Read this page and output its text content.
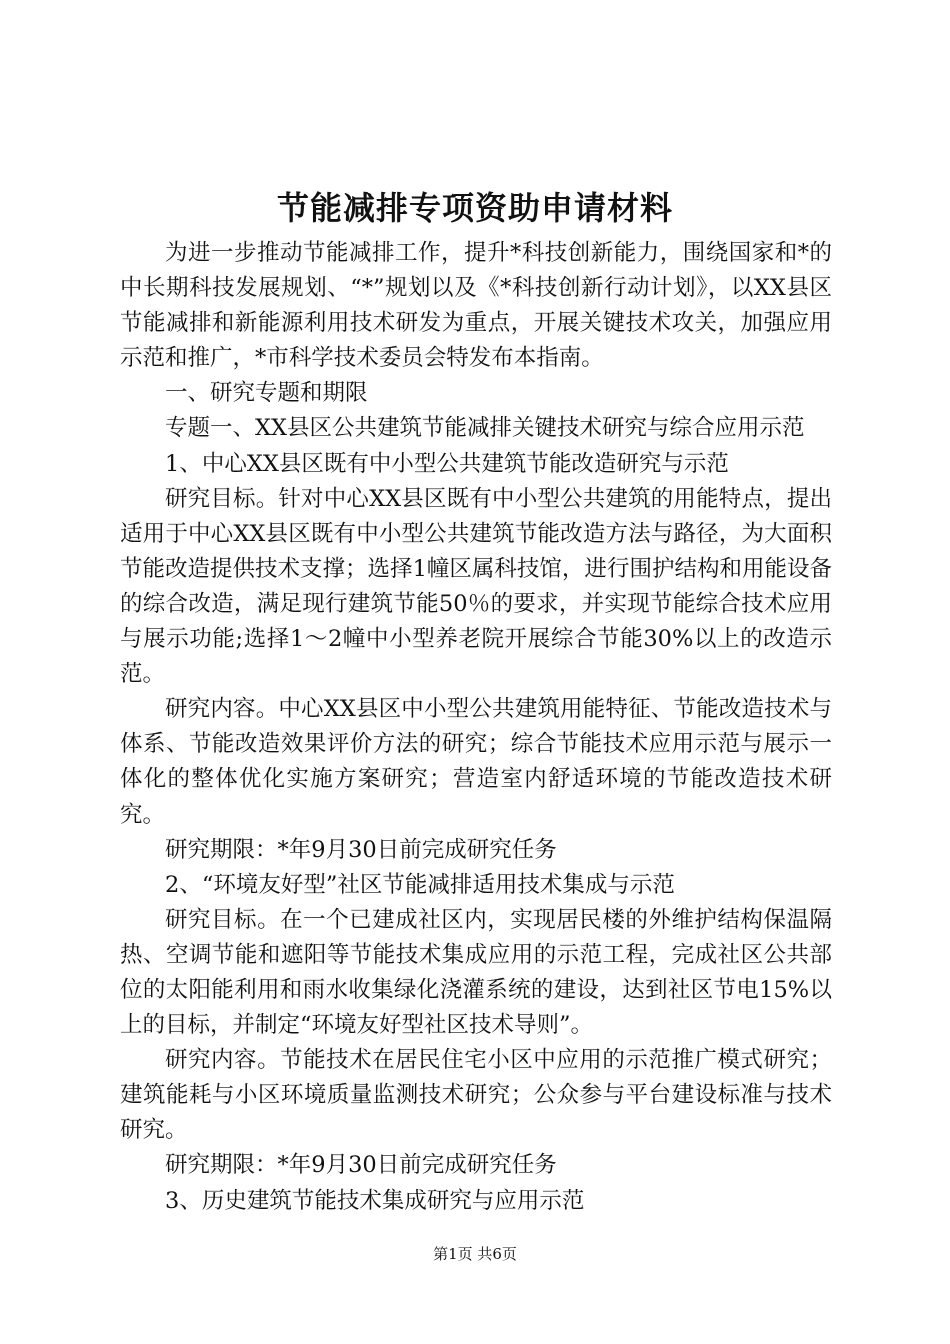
节能减排专项资助申请材料

为进一步推动节能减排工作，提升*科技创新能力，围绕国家和*的中长期科技发展规划、“*”规划以及《*科技创新行动计划》，以XX县区节能减排和新能源利用技术研发为重点，开展关键技术攻关，加强应用示范和推广，*市科学技术委员会特发布本指南。

一、研究专题和期限

专题一、XX县区公共建筑节能减排关键技术研究与综合应用示范

1、中心XX县区既有中小型公共建筑节能改造研究与示范

研究目标。针对中心XX县区既有中小型公共建筑的用能特点，提出适用于中心XX县区既有中小型公共建筑节能改造方法与路径，为大面积节能改造提供技术支撑；选择1幢区属科技馆，进行围护结构和用能设备的综合改造，满足现行建筑节能50％的要求，并实现节能综合技术应用与展示功能;选择1～2幢中小型养老院开展综合节能30%以上的改造示范。

研究内容。中心XX县区中小型公共建筑用能特征、节能改造技术与体系、节能改造效果评价方法的研究；综合节能技术应用示范与展示一体化的整体优化实施方案研究；营造室内舒适环境的节能改造技术研究。

研究期限：*年9月30日前完成研究任务

2、“环境友好型”社区节能减排适用技术集成与示范

研究目标。在一个已建成社区内，实现居民楼的外维护结构保温隔热、空调节能和遮阳等节能技术集成应用的示范工程，完成社区公共部位的太阳能利用和雨水收集绿化浇灌系统的建设，达到社区节电15%以上的目标，并制定“环境友好型社区技术导则”。

研究内容。节能技术在居民住宅小区中应用的示范推广模式研究；建筑能耗与小区环境质量监测技术研究；公众参与平台建设标准与技术研究。

研究期限：*年9月30日前完成研究任务

3、历史建筑节能技术集成研究与应用示范

第1页 共6页
